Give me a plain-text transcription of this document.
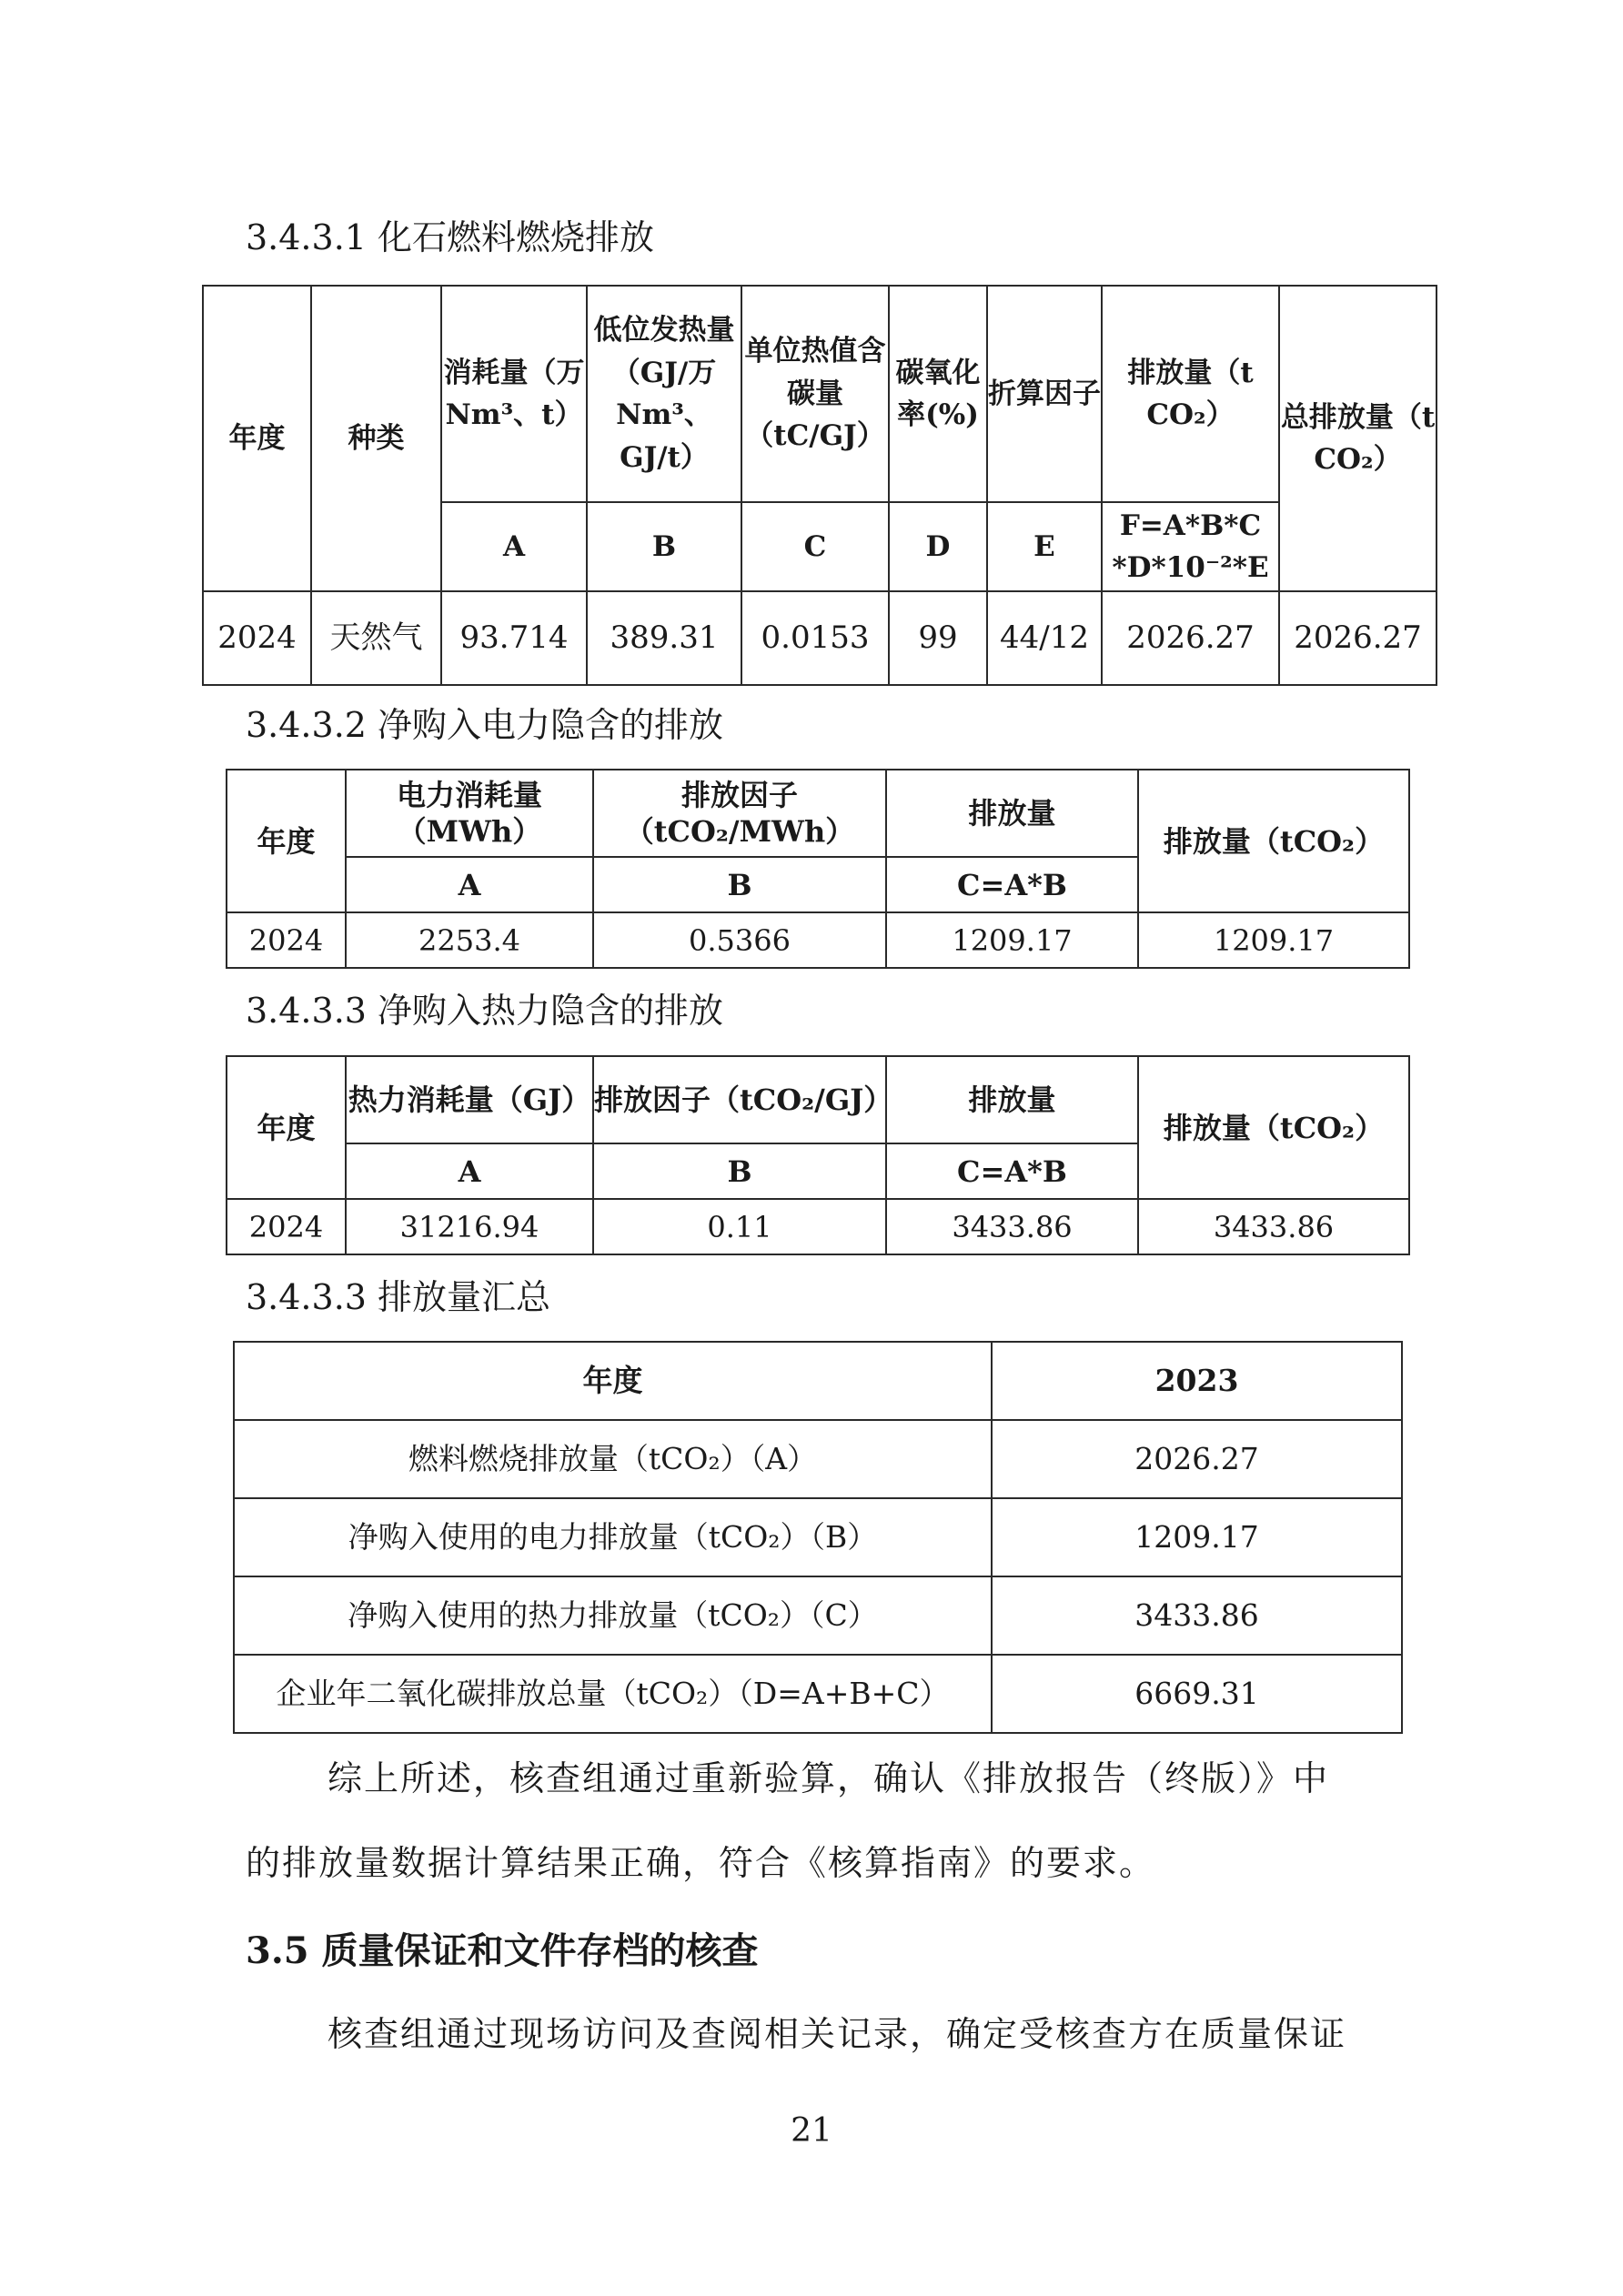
3.4.3.1 化石燃料燃烧排放
年度	种类	消耗量（万Nm³、t）	低位发热量（GJ/万Nm³、GJ/t）	单位热值含碳量（tC/GJ）	碳氧化率(%)	折算因子	排放量（t CO₂）	总排放量（t CO₂）
		A	B	C	D	E	F=A*B*C
*D*10⁻²*E	

2024	天然气	93.714	389.31	0.0153	99	44/12	2026.27	2026.27
3.4.3.2 净购入电力隐含的排放
年度	电力消耗量（MWh）	排放因子（tCO₂/MWh）	排放量	排放量（tCO₂）
	A	B	C=A*B	
2024	2253.4	0.5366	1209.17	1209.17
3.4.3.3 净购入热力隐含的排放
年度	热力消耗量（GJ）	排放因子（tCO₂/GJ）	排放量	排放量（tCO₂）
	A	B	C=A*B	
2024	31216.94	0.11	3433.86	3433.86
3.4.3.3 排放量汇总
年度	2023
燃料燃烧排放量（tCO₂）（A）	2026.27
净购入使用的电力排放量（tCO₂）（B）	1209.17
净购入使用的热力排放量（tCO₂）（C）	3433.86
企业年二氧化碳排放总量（tCO₂）（D=A+B+C）	6669.31
综上所述，核查组通过重新验算，确认《排放报告（终版）》中
的排放量数据计算结果正确，符合《核算指南》的要求。
3.5 质量保证和文件存档的核查
核查组通过现场访问及查阅相关记录，确定受核查方在质量保证
21
